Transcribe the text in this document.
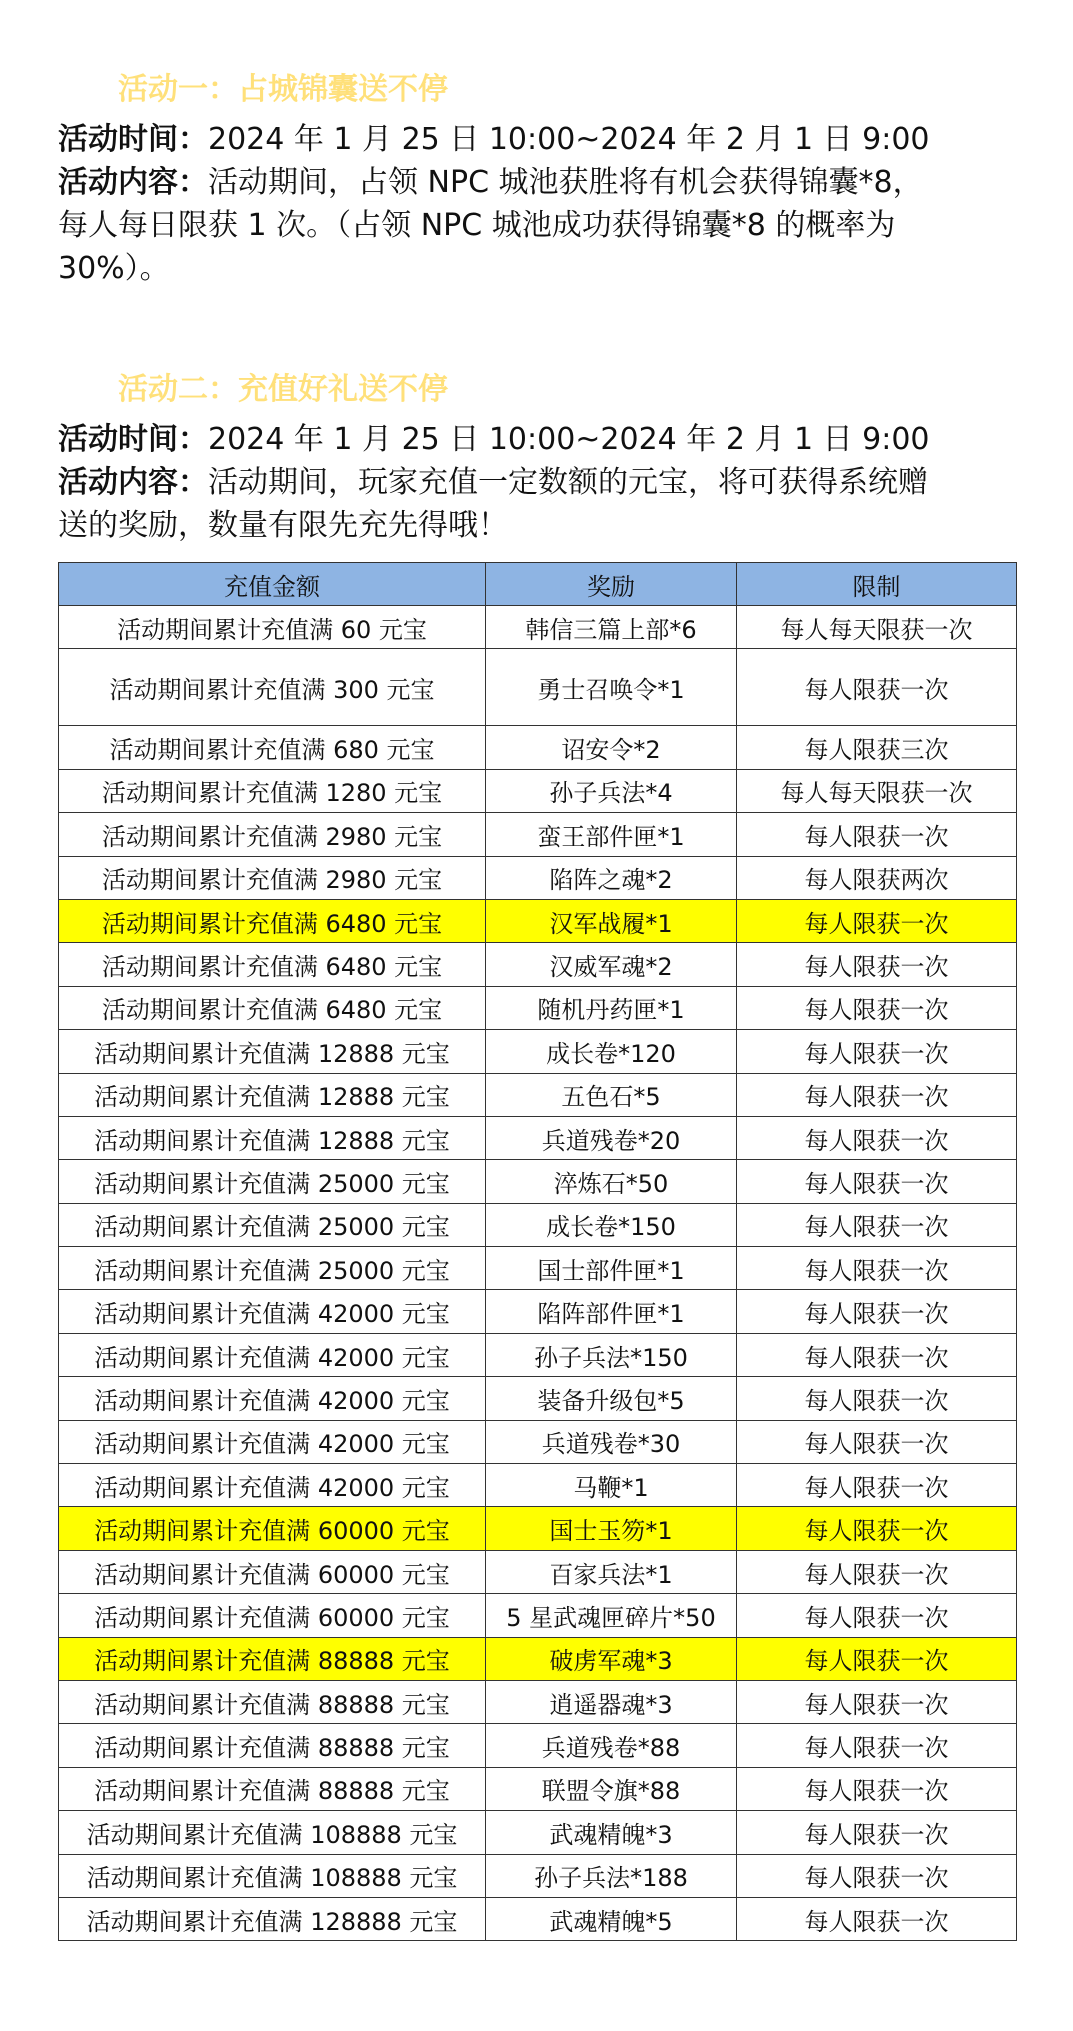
活动一：占城锦囊送不停
活动时间：2024 年 1 月 25 日 10:00~2024 年 2 月 1 日 9:00
活动内容：活动期间，占领 NPC 城池获胜将有机会获得锦囊*8，
每人每日限获 1 次。（占领 NPC 城池成功获得锦囊*8 的概率为
30%）。
活动二：充值好礼送不停
活动时间：2024 年 1 月 25 日 10:00~2024 年 2 月 1 日 9:00
活动内容：活动期间，玩家充值一定数额的元宝，将可获得系统赠
送的奖励，数量有限先充先得哦！
充值金额	奖励	限制
活动期间累计充值满 60 元宝	韩信三篇上部*6	每人每天限获一次
活动期间累计充值满 300 元宝	勇士召唤令*1	每人限获一次
活动期间累计充值满 680 元宝	诏安令*2	每人限获三次
活动期间累计充值满 1280 元宝	孙子兵法*4	每人每天限获一次
活动期间累计充值满 2980 元宝	蛮王部件匣*1	每人限获一次
活动期间累计充值满 2980 元宝	陷阵之魂*2	每人限获两次
活动期间累计充值满 6480 元宝	汉军战履*1	每人限获一次
活动期间累计充值满 6480 元宝	汉威军魂*2	每人限获一次
活动期间累计充值满 6480 元宝	随机丹药匣*1	每人限获一次
活动期间累计充值满 12888 元宝	成长卷*120	每人限获一次
活动期间累计充值满 12888 元宝	五色石*5	每人限获一次
活动期间累计充值满 12888 元宝	兵道残卷*20	每人限获一次
活动期间累计充值满 25000 元宝	淬炼石*50	每人限获一次
活动期间累计充值满 25000 元宝	成长卷*150	每人限获一次
活动期间累计充值满 25000 元宝	国士部件匣*1	每人限获一次
活动期间累计充值满 42000 元宝	陷阵部件匣*1	每人限获一次
活动期间累计充值满 42000 元宝	孙子兵法*150	每人限获一次
活动期间累计充值满 42000 元宝	装备升级包*5	每人限获一次
活动期间累计充值满 42000 元宝	兵道残卷*30	每人限获一次
活动期间累计充值满 42000 元宝	马鞭*1	每人限获一次
活动期间累计充值满 60000 元宝	国士玉笏*1	每人限获一次
活动期间累计充值满 60000 元宝	百家兵法*1	每人限获一次
活动期间累计充值满 60000 元宝	5 星武魂匣碎片*50	每人限获一次
活动期间累计充值满 88888 元宝	破虏军魂*3	每人限获一次
活动期间累计充值满 88888 元宝	逍遥器魂*3	每人限获一次
活动期间累计充值满 88888 元宝	兵道残卷*88	每人限获一次
活动期间累计充值满 88888 元宝	联盟令旗*88	每人限获一次
活动期间累计充值满 108888 元宝	武魂精魄*3	每人限获一次
活动期间累计充值满 108888 元宝	孙子兵法*188	每人限获一次
活动期间累计充值满 128888 元宝	武魂精魄*5	每人限获一次
